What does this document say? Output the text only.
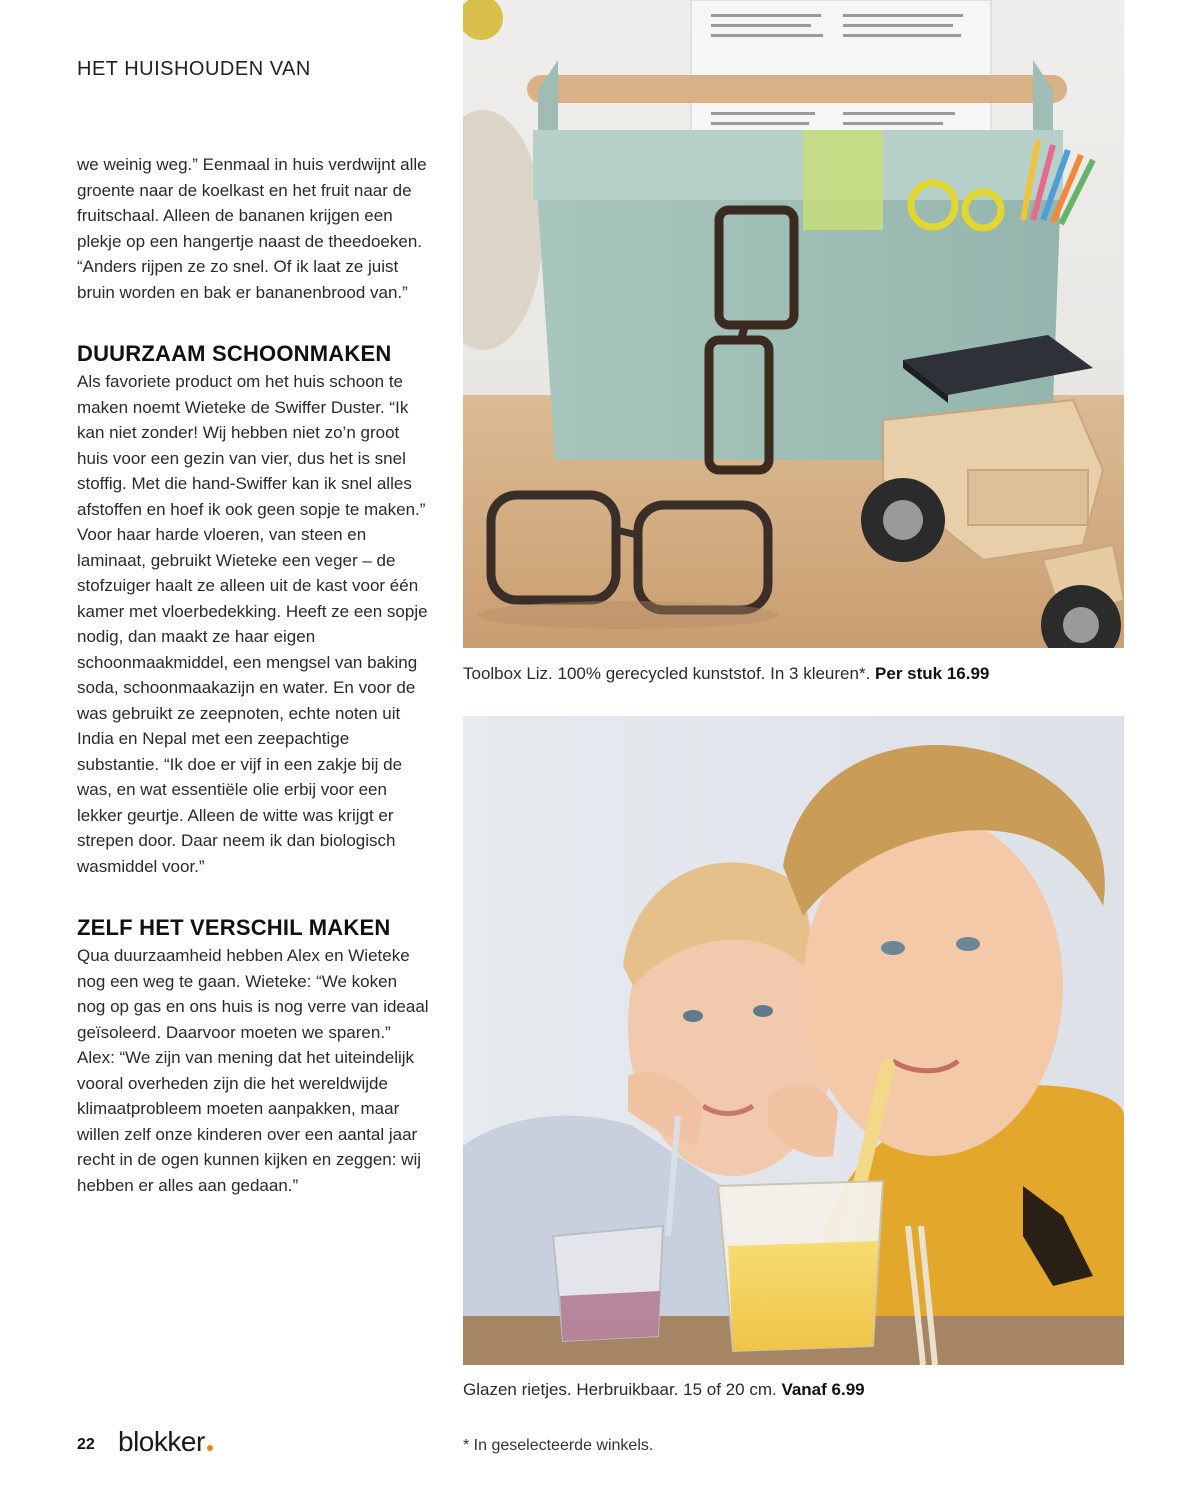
HET HUISHOUDEN VAN

we weinig weg.” Eenmaal in huis verdwijnt alle groente naar de koelkast en het fruit naar de fruitschaal. Alleen de bananen krijgen een plekje op een hangertje naast de theedoeken. “Anders rijpen ze zo snel. Of ik laat ze juist bruin worden en bak er bananenbrood van.”

DUURZAAM SCHOONMAKEN

Als favoriete product om het huis schoon te maken noemt Wieteke de Swiffer Duster. “Ik kan niet zonder! Wij hebben niet zo’n groot huis voor een gezin van vier, dus het is snel stoffig. Met die hand-Swiffer kan ik snel alles afstoffen en hoef ik ook geen sopje te maken.” Voor haar harde vloeren, van steen en laminaat, gebruikt Wieteke een veger – de stofzuiger haalt ze alleen uit de kast voor één kamer met vloerbedekking. Heeft ze een sopje nodig, dan maakt ze haar eigen schoonmaakmiddel, een mengsel van baking soda, schoonmaakazijn en water. En voor de was gebruikt ze zeepnoten, echte noten uit India en Nepal met een zeepachtige substantie. “Ik doe er vijf in een zakje bij de was, en wat essentiële olie erbij voor een lekker geurtje. Alleen de witte was krijgt er strepen door. Daar neem ik dan biologisch wasmiddel voor.”

ZELF HET VERSCHIL MAKEN

Qua duurzaamheid hebben Alex en Wieteke nog een weg te gaan. Wieteke: “We koken nog op gas en ons huis is nog verre van ideaal geïsoleerd. Daarvoor moeten we sparen.” Alex: “We zijn van mening dat het uiteindelijk vooral overheden zijn die het wereldwijde klimaatprobleem moeten aanpakken, maar willen zelf onze kinderen over een aantal jaar recht in de ogen kunnen kijken en zeggen: wij hebben er alles aan gedaan.”

Toolbox Liz. 100% gerecycled kunststof. In 3 kleuren*. Per stuk 16.99
Glazen rietjes. Herbruikbaar. 15 of 20 cm. Vanaf 6.99
* In geselecteerde winkels.
22 blokker
